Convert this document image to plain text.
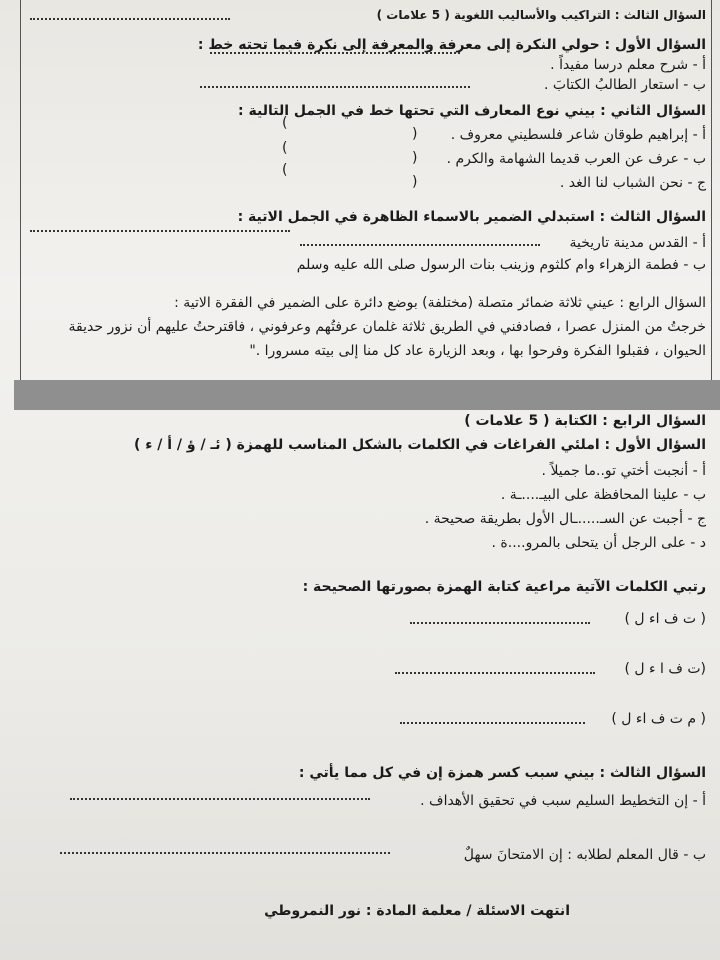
السؤال الثالث : التراكيب والأساليب اللغوية ( 5 علامات )
السؤال الأول : حولي النكرة إلى معرفة والمعرفة إلى نكرة فيما تحته خط :
أ - شرح معلم درسا مفيداً .
ب - استعار الطالبُ الكتابَ .
السؤال الثاني : بيني نوع المعارف التي تحتها خط في الجمل التالية :
أ - إبراهيم طوقان شاعر فلسطيني معروف .
ب - عرف عن العرب قديما الشهامة والكرم .
ج - نحن الشباب لنا الغد .
(
)
(
)
(
)
السؤال الثالث : استبدلي الضمير بالاسماء الظاهرة في الجمل الاتية :
أ - القدس مدينة تاريخية
ب - فطمة الزهراء وام كلثوم وزينب بنات الرسول صلى الله عليه وسلم
السؤال الرابع : عيني ثلاثة ضمائر متصلة (مختلفة) بوضع دائرة على الضمير في الفقرة الاتية :
خرجتُ من المنزل عصرا ، فصادفني في الطريق ثلاثة غلمان عرفتُهم وعرفوني ، فاقترحتُ عليهم أن نزور حديقة
الحيوان ، فقبلوا الفكرة وفرحوا بها ، وبعد الزيارة عاد كل منا إلى بيته مسرورا ."
السؤال الرابع : الكتابة ( 5 علامات )
السؤال الأول : املئي الفراغات في الكلمات بالشكل المناسب للهمزة ( ئـ / ؤ / أ / ء )
أ - أنجبت أختي تو..ما جميلاً .
ب - علينا المحافظة على البيـ....ـة .
ج - أجبت عن السـ.....ـال الأول بطريقة صحيحة .
د - على الرجل أن يتحلى بالمرو....ة .
رتبي الكلمات الآتية مراعية كتابة الهمزة بصورتها الصحيحة :
( ت ف اء ل )
(ت ف ا ء ل )
( م ت ف اء ل )
السؤال الثالث : بيني سبب كسر همزة إن في كل مما يأتي :
أ - إن التخطيط السليم سبب في تحقيق الأهداف .
ب - قال المعلم لطلابه : إن الامتحانَ سهلٌ
انتهت الاسئلة / معلمة المادة : نور النمروطي
